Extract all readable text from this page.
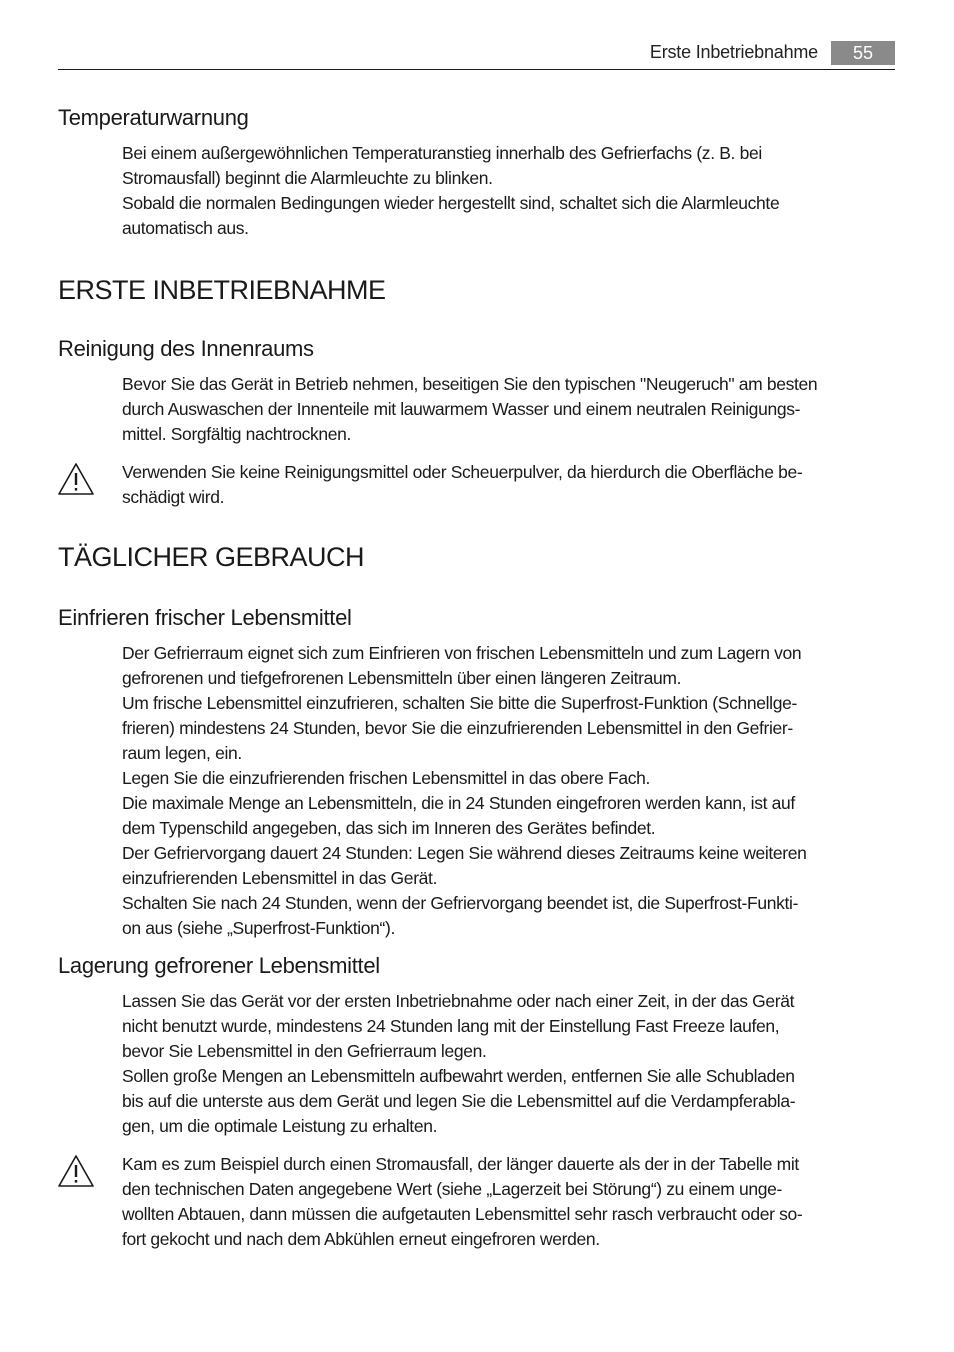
Erste Inbetriebnahme	55
Temperaturwarnung
Bei einem außergewöhnlichen Temperaturanstieg innerhalb des Gefrierfachs (z. B. bei
Stromausfall) beginnt die Alarmleuchte zu blinken.
Sobald die normalen Bedingungen wieder hergestellt sind, schaltet sich die Alarmleuchte
automatisch aus.
ERSTE INBETRIEBNAHME
Reinigung des Innenraums
Bevor Sie das Gerät in Betrieb nehmen, beseitigen Sie den typischen "Neugeruch" am besten
durch Auswaschen der Innenteile mit lauwarmem Wasser und einem neutralen Reinigungs-
mittel. Sorgfältig nachtrocknen.
Verwenden Sie keine Reinigungsmittel oder Scheuerpulver, da hierdurch die Oberfläche be-
schädigt wird.
TÄGLICHER GEBRAUCH
Einfrieren frischer Lebensmittel
Der Gefrierraum eignet sich zum Einfrieren von frischen Lebensmitteln und zum Lagern von
gefrorenen und tiefgefrorenen Lebensmitteln über einen längeren Zeitraum.
Um frische Lebensmittel einzufrieren, schalten Sie bitte die Superfrost-Funktion (Schnellge-
frieren) mindestens 24 Stunden, bevor Sie die einzufrierenden Lebensmittel in den Gefrier-
raum legen, ein.
Legen Sie die einzufrierenden frischen Lebensmittel in das obere Fach.
Die maximale Menge an Lebensmitteln, die in 24 Stunden eingefroren werden kann, ist auf
dem Typenschild angegeben, das sich im Inneren des Gerätes befindet.
Der Gefriervorgang dauert 24 Stunden: Legen Sie während dieses Zeitraums keine weiteren
einzufrierenden Lebensmittel in das Gerät.
Schalten Sie nach 24 Stunden, wenn der Gefriervorgang beendet ist, die Superfrost-Funkti-
on aus (siehe „Superfrost-Funktion“).
Lagerung gefrorener Lebensmittel
Lassen Sie das Gerät vor der ersten Inbetriebnahme oder nach einer Zeit, in der das Gerät
nicht benutzt wurde, mindestens 24 Stunden lang mit der Einstellung Fast Freeze laufen,
bevor Sie Lebensmittel in den Gefrierraum legen.
Sollen große Mengen an Lebensmitteln aufbewahrt werden, entfernen Sie alle Schubladen
bis auf die unterste aus dem Gerät und legen Sie die Lebensmittel auf die Verdampferabla-
gen, um die optimale Leistung zu erhalten.
Kam es zum Beispiel durch einen Stromausfall, der länger dauerte als der in der Tabelle mit
den technischen Daten angegebene Wert (siehe „Lagerzeit bei Störung“) zu einem unge-
wollten Abtauen, dann müssen die aufgetauten Lebensmittel sehr rasch verbraucht oder so-
fort gekocht und nach dem Abkühlen erneut eingefroren werden.
